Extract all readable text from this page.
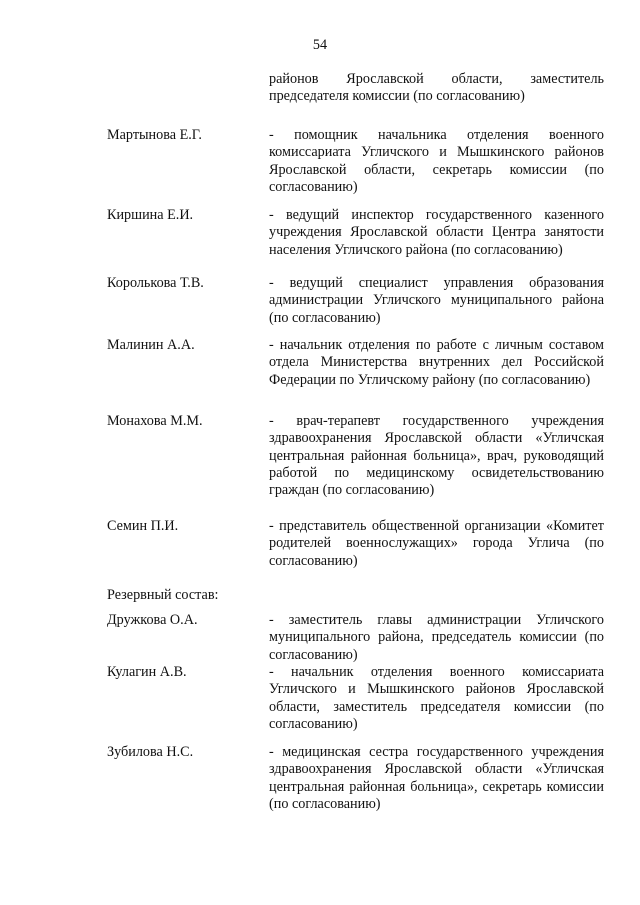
54
районов Ярославской области, заместитель председателя комиссии (по согласованию)
Мартынова Е.Г.	- помощник начальника отделения военного комиссариата Угличского и Мышкинского районов Ярославской области, секретарь комиссии (по согласованию)
Киршина Е.И.	- ведущий инспектор государственного казенного учреждения Ярославской области Центра занятости населения Угличского района (по согласованию)
Королькова Т.В.	- ведущий специалист управления образования администрации Угличского муниципального района (по согласованию)
Малинин А.А.	- начальник отделения по работе с личным составом отдела Министерства внутренних дел Российской Федерации по Угличскому району (по согласованию)
Монахова М.М.	- врач-терапевт государственного учреждения здравоохранения Ярославской области «Угличская центральная районная больница», врач, руководящий работой по медицинскому освидетельствованию граждан (по согласованию)
Семин П.И.	- представитель общественной организации «Комитет родителей военнослужащих» города Углича (по согласованию)
Резервный состав:
Дружкова О.А.	- заместитель главы администрации Угличского муниципального района, председатель комиссии (по согласованию)
Кулагин А.В.	- начальник отделения военного комиссариата Угличского и Мышкинского районов Ярославской области, заместитель председателя комиссии (по согласованию)
Зубилова Н.С.	- медицинская сестра государственного учреждения здравоохранения Ярославской области «Угличская центральная районная больница», секретарь комиссии (по согласованию)
